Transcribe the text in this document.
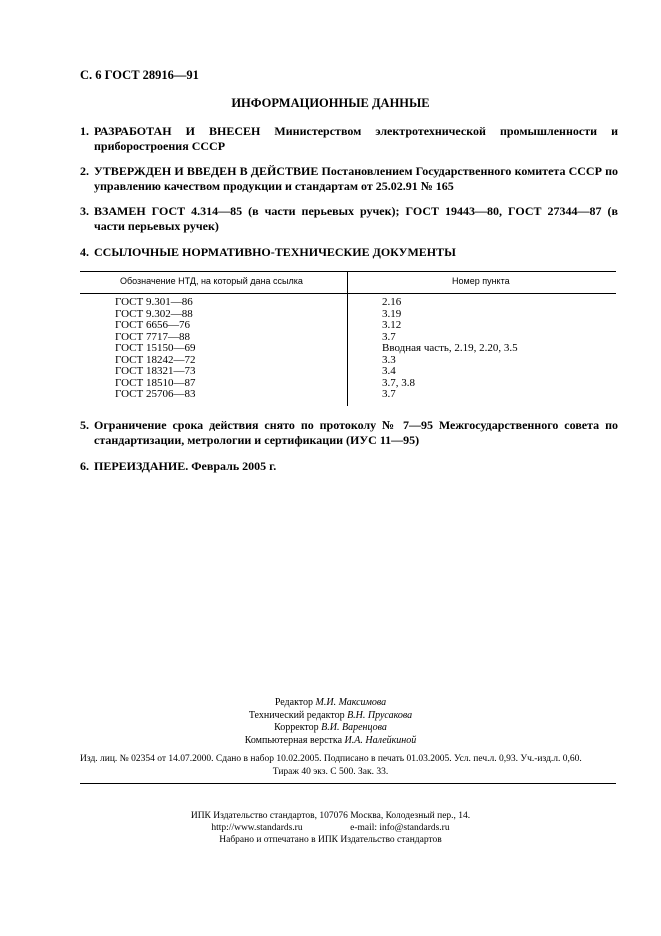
С. 6 ГОСТ 28916—91
ИНФОРМАЦИОННЫЕ ДАННЫЕ
1. РАЗРАБОТАН И ВНЕСЕН Министерством электротехнической промышленности и приборостроения СССР
2. УТВЕРЖДЕН И ВВЕДЕН В ДЕЙСТВИЕ Постановлением Государственного комитета СССР по управлению качеством продукции и стандартам от 25.02.91 № 165
3. ВЗАМЕН ГОСТ 4.314—85 (в части перьевых ручек); ГОСТ 19443—80, ГОСТ 27344—87 (в части перьевых ручек)
4. ССЫЛОЧНЫЕ НОРМАТИВНО-ТЕХНИЧЕСКИЕ ДОКУМЕНТЫ
Обозначение НТД, на который дана ссылка	Номер пункта
ГОСТ 9.301—86	2.16
ГОСТ 9.302—88	3.19
ГОСТ 6656—76	3.12
ГОСТ 7717—88	3.7
ГОСТ 15150—69	Вводная часть, 2.19, 2.20, 3.5
ГОСТ 18242—72	3.3
ГОСТ 18321—73	3.4
ГОСТ 18510—87	3.7, 3.8
ГОСТ 25706—83	3.7
5. Ограничение срока действия снято по протоколу № 7—95 Межгосударственного совета по стандартизации, метрологии и сертификации (ИУС 11—95)
6. ПЕРЕИЗДАНИЕ. Февраль 2005 г.
Редактор М.И. Максимова
Технический редактор В.Н. Прусакова
Корректор В.И. Варенцова
Компьютерная верстка И.А. Налейкиной
Изд. лиц. № 02354 от 14.07.2000. Сдано в набор 10.02.2005. Подписано в печать 01.03.2005. Усл. печ.л. 0,93. Уч.-изд.л. 0,60.
Тираж 40 экз. С 500. Зак. 33.
ИПК Издательство стандартов, 107076 Москва, Колодезный пер., 14.
http://www.standards.ru                    e-mail: info@standards.ru
Набрано и отпечатано в ИПК Издательство стандартов
